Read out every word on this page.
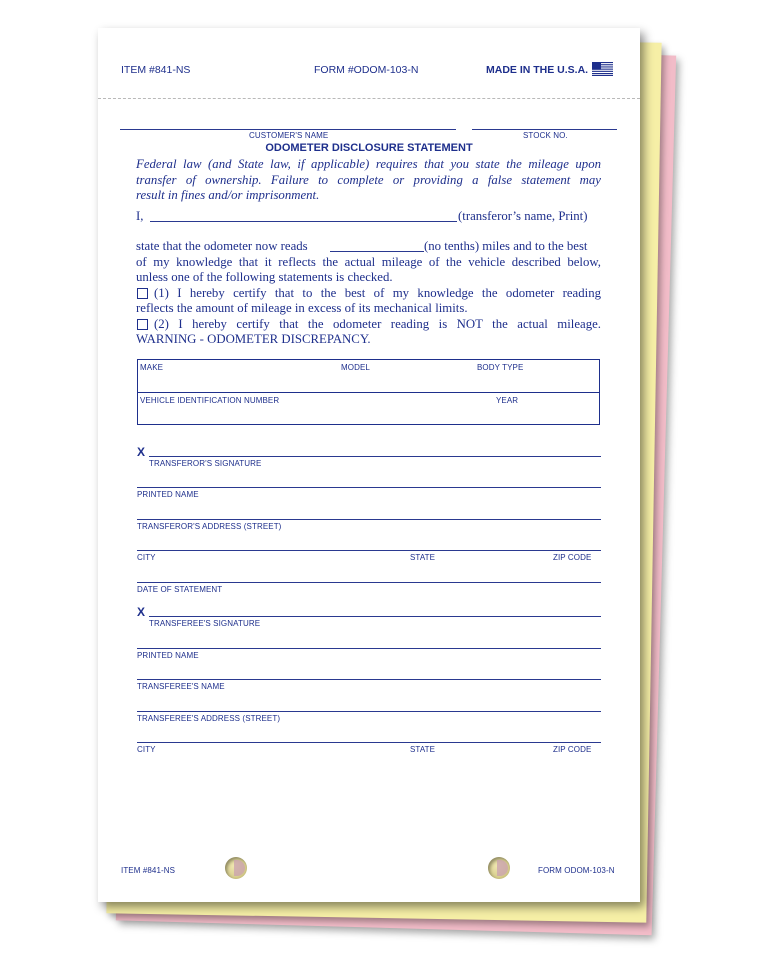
ITEM #841-NS	FORM #ODOM-103-N	MADE IN THE U.S.A.
CUSTOMER'S NAME	STOCK NO.
ODOMETER DISCLOSURE STATEMENT
Federal law (and State law, if applicable) requires that you state the mileage upon
transfer of ownership. Failure to complete or providing a false statement may
result in fines and/or imprisonment.
I,	(transferor’s name, Print)
state that the odometer now reads	(no tenths) miles and to the best
of my knowledge that it reflects the actual mileage of the vehicle described below,
unless one of the following statements is checked.
(1) I hereby certify that to the best of my knowledge the odometer reading
reflects the amount of mileage in excess of its mechanical limits.
(2) I hereby certify that the odometer reading is NOT the actual mileage.
WARNING - ODOMETER DISCREPANCY.
MAKE	MODEL	BODY TYPE
VEHICLE IDENTIFICATION NUMBER	YEAR
X
TRANSFEROR'S SIGNATURE
PRINTED NAME
TRANSFEROR'S ADDRESS (STREET)
CITY	STATE	ZIP CODE
DATE OF STATEMENT
X
TRANSFEREE'S SIGNATURE
PRINTED NAME
TRANSFEREE'S NAME
TRANSFEREE'S ADDRESS (STREET)
CITY	STATE	ZIP CODE
ITEM #841-NS	FORM ODOM-103-N
